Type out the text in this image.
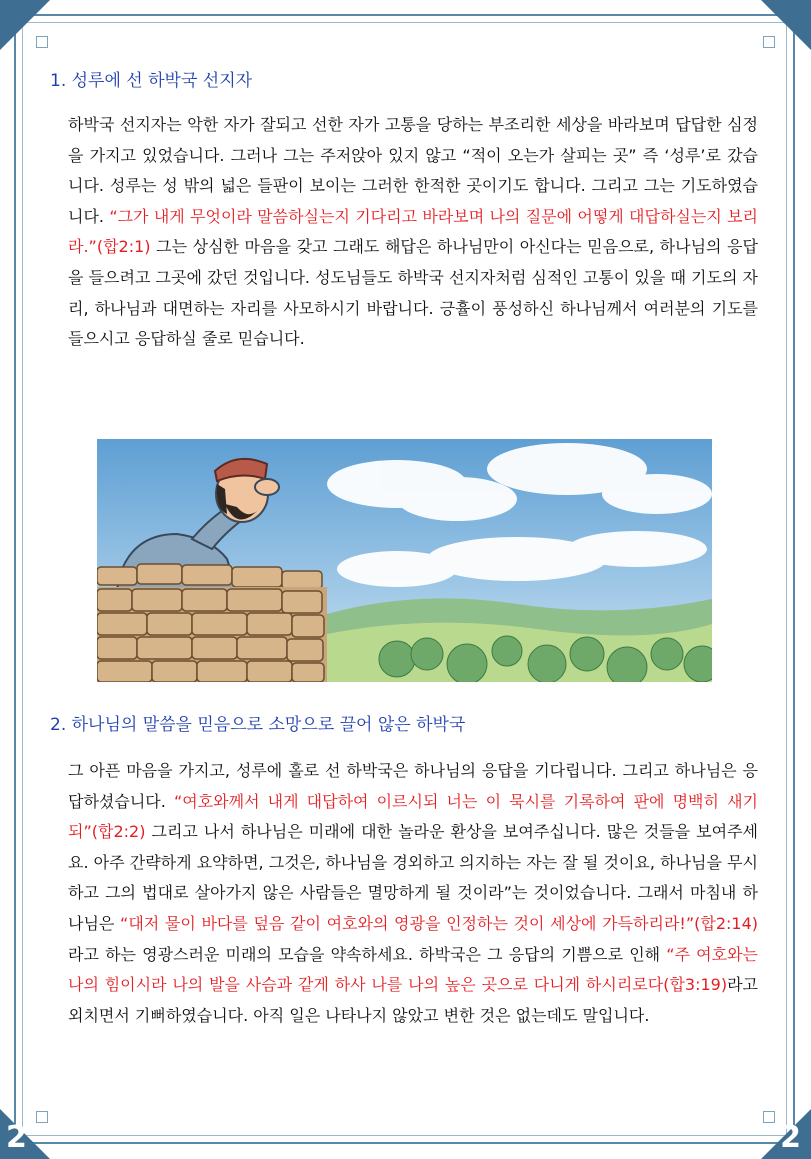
2	2
1. 성루에 선 하박국 선지자
하박국 선지자는 악한 자가 잘되고 선한 자가 고통을 당하는 부조리한 세상을 바라보며 답답한 심정을 가지고 있었습니다. 그러나 그는 주저앉아 있지 않고 “적이 오는가 살피는 곳” 즉 ‘성루’로 갔습니다. 성루는 성 밖의 넓은 들판이 보이는 그러한 한적한 곳이기도 합니다. 그리고 그는 기도하였습니다. “그가 내게 무엇이라 말씀하실는지 기다리고 바라보며 나의 질문에 어떻게 대답하실는지 보리라.”(합2:1) 그는 상심한 마음을 갖고 그래도 해답은 하나님만이 아신다는 믿음으로, 하나님의 응답을 들으려고 그곳에 갔던 것입니다. 성도님들도 하박국 선지자처럼 심적인 고통이 있을 때 기도의 자리, 하나님과 대면하는 자리를 사모하시기 바랍니다. 긍휼이 풍성하신 하나님께서 여러분의 기도를 들으시고 응답하실 줄로 믿습니다.
2. 하나님의 말씀을 믿음으로 소망으로 끌어 않은 하박국
그 아픈 마음을 가지고, 성루에 홀로 선 하박국은 하나님의 응답을 기다립니다. 그리고 하나님은 응답하셨습니다. “여호와께서 내게 대답하여 이르시되 너는 이 묵시를 기록하여 판에 명백히 새기되”(합2:2) 그리고 나서 하나님은 미래에 대한 놀라운 환상을 보여주십니다. 많은 것들을 보여주세요. 아주 간략하게 요약하면, 그것은, 하나님을 경외하고 의지하는 자는 잘 될 것이요, 하나님을 무시하고 그의 법대로 살아가지 않은 사람들은 멸망하게 될 것이라”는 것이었습니다. 그래서 마침내 하나님은 “대저 물이 바다를 덮음 같이 여호와의 영광을 인정하는 것이 세상에 가득하리라!”(합2:14) 라고 하는 영광스러운 미래의 모습을 약속하세요. 하박국은 그 응답의 기쁨으로 인해 “주 여호와는 나의 힘이시라 나의 발을 사슴과 같게 하사 나를 나의 높은 곳으로 다니게 하시리로다(합3:19)라고 외치면서 기뻐하였습니다. 아직 일은 나타나지 않았고 변한 것은 없는데도 말입니다.
